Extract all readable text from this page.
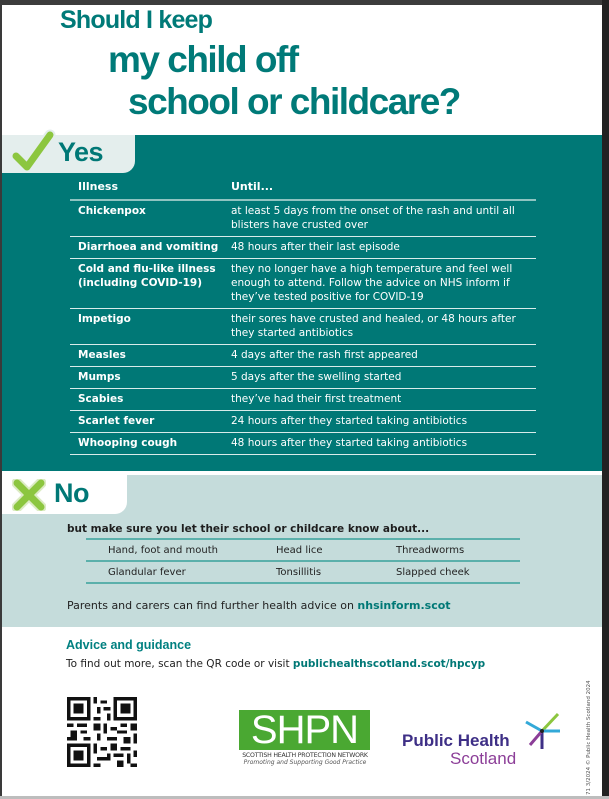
Should I keep
my child off
school or childcare?
Yes
Illness	Until...
Chickenpox	at least 5 days from the onset of the rash and until all blisters have crusted over
Diarrhoea and vomiting	48 hours after their last episode
Cold and flu-like illness (including COVID-19)	they no longer have a high temperature and feel well enough to attend. Follow the advice on NHS inform if they’ve tested positive for COVID-19
Impetigo	their sores have crusted and healed, or 48 hours after they started antibiotics
Measles	4 days after the rash first appeared
Mumps	5 days after the swelling started
Scabies	they’ve had their first treatment
Scarlet fever	24 hours after they started taking antibiotics
Whooping cough	48 hours after they started taking antibiotics
No
but make sure you let their school or childcare know about...
Hand, foot and mouth	Head lice	Threadworms
Glandular fever	Tonsillitis	Slapped cheek
Parents and carers can find further health advice on nhsinform.scot
Advice and guidance
To find out more, scan the QR code or visit publichealthscotland.scot/hpcyp
SHPN
SCOTTISH HEALTH PROTECTION NETWORK
Promoting and Supporting Good Practice
Public Health
Scotland	71 3/2024 © Public Health Scotland 2024
